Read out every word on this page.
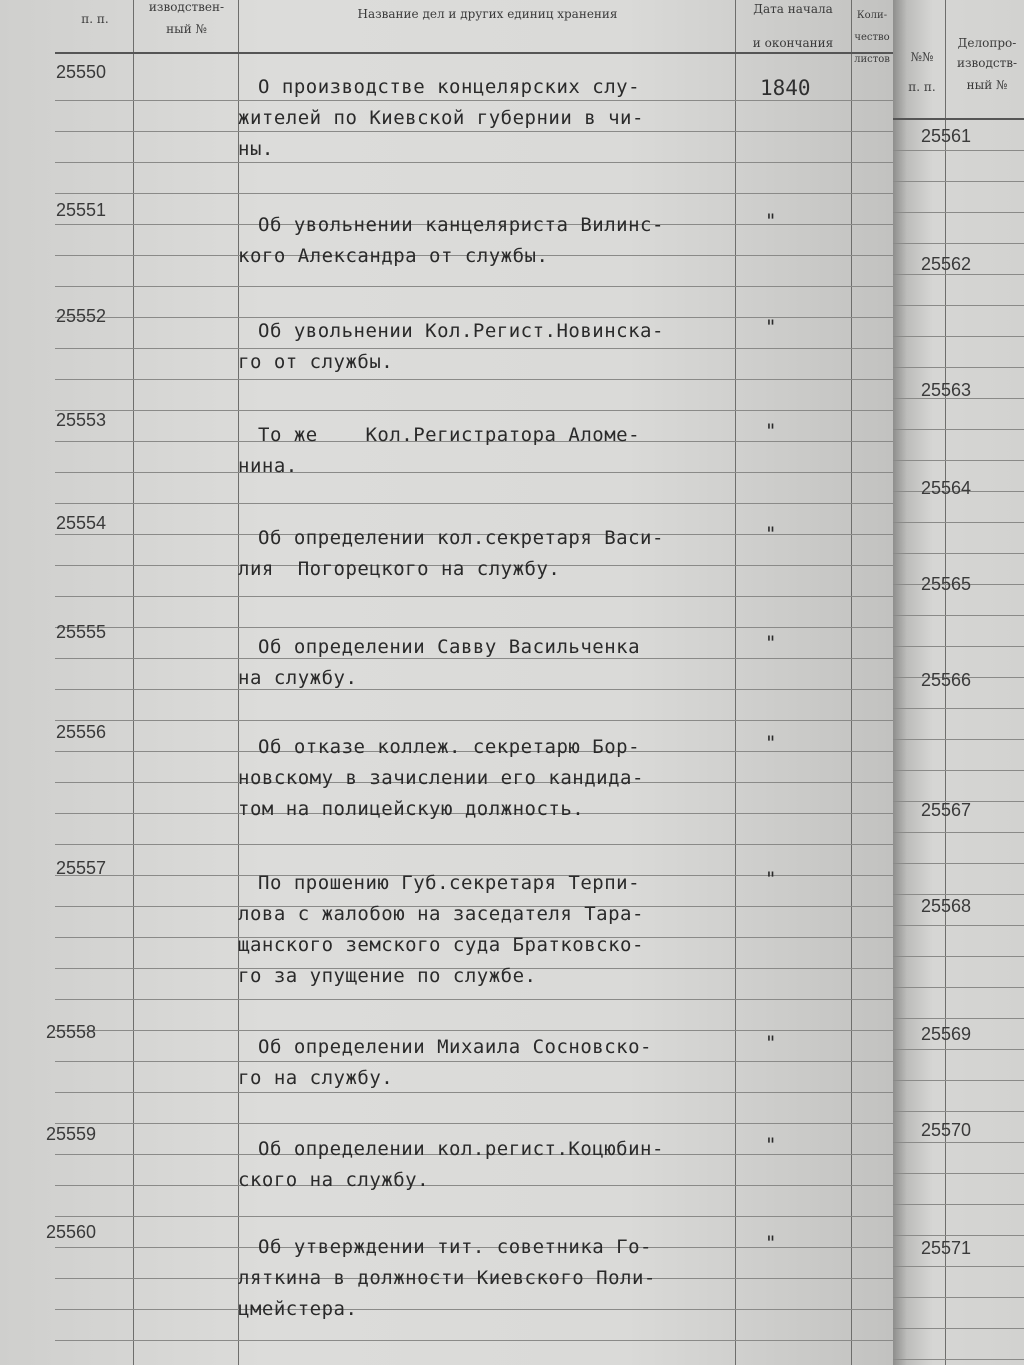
п. п.
изводствен-
ный №
Название дел и других единиц хранения	Дата начала
и окончания
Коли-
чество
листов
25550
О производстве концелярских слу-
жителей по Киевской губернии в чи-
ны.
1840
25551
Об увольнении канцеляриста Вилинс-
кого Александра от службы.
"
25552
Об увольнении Кол.Регист.Новинска-
го от службы.
"
25553
То же    Кол.Регистратора Аломе-
нина.
"
25554
Об определении кол.секретаря Васи-
лия  Погорецкого на службу.
"
25555
Об определении Савву Васильченка
на службу.
"
25556
Об отказе коллеж. секретарю Бор-
новскому в зачислении его кандида-
том на полицейскую должность.
"
25557
По прошению Губ.секретаря Терпи-
лова с жалобою на заседателя Тара-
щанского земского суда Братковско-
го за упущение по службе.
"
25558
Об определении Михаила Сосновско-
го на службу.
"
25559
Об определении кол.регист.Коцюбин-
ского на службу.
"
25560
Об утверждении тит. советника Го-
ляткина в должности Киевского Поли-
цмейстера.
"
№№
п. п.
Делопро-
изводств-
ный №
25561
25562
25563
25564
25565
25566
25567
25568
25569
25570
25571
